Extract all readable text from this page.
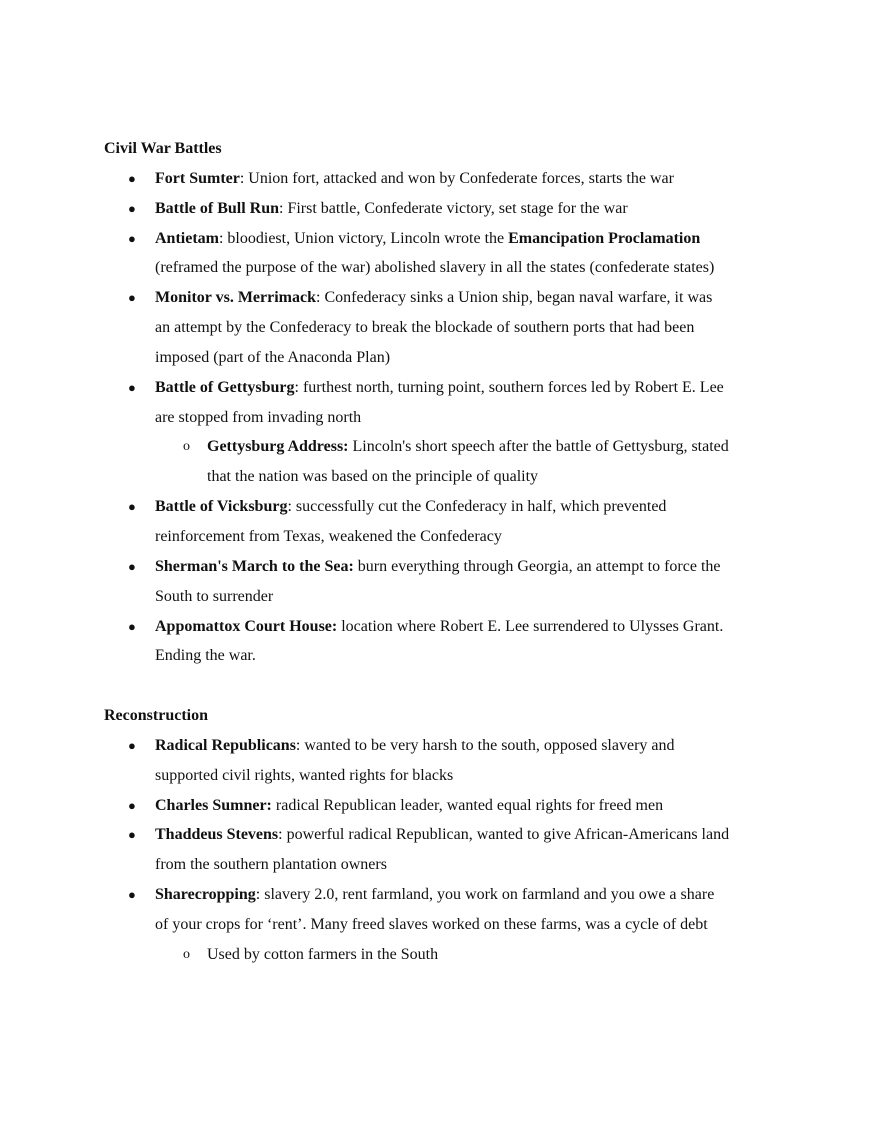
Civil War Battles
● Fort Sumter: Union fort, attacked and won by Confederate forces, starts the war
● Battle of Bull Run: First battle, Confederate victory, set stage for the war
● Antietam: bloodiest, Union victory, Lincoln wrote the Emancipation Proclamation
(reframed the purpose of the war) abolished slavery in all the states (confederate states)
● Monitor vs. Merrimack: Confederacy sinks a Union ship, began naval warfare, it was
an attempt by the Confederacy to break the blockade of southern ports that had been
imposed (part of the Anaconda Plan)
● Battle of Gettysburg: furthest north, turning point, southern forces led by Robert E. Lee
are stopped from invading north
o Gettysburg Address: Lincoln's short speech after the battle of Gettysburg, stated
that the nation was based on the principle of quality
● Battle of Vicksburg: successfully cut the Confederacy in half, which prevented
reinforcement from Texas, weakened the Confederacy
● Sherman's March to the Sea: burn everything through Georgia, an attempt to force the
South to surrender
● Appomattox Court House: location where Robert E. Lee surrendered to Ulysses Grant.
Ending the war.
Reconstruction
● Radical Republicans: wanted to be very harsh to the south, opposed slavery and
supported civil rights, wanted rights for blacks
● Charles Sumner: radical Republican leader, wanted equal rights for freed men
● Thaddeus Stevens: powerful radical Republican, wanted to give African-Americans land
from the southern plantation owners
● Sharecropping: slavery 2.0, rent farmland, you work on farmland and you owe a share
of your crops for ‘rent’. Many freed slaves worked on these farms, was a cycle of debt
o Used by cotton farmers in the South
